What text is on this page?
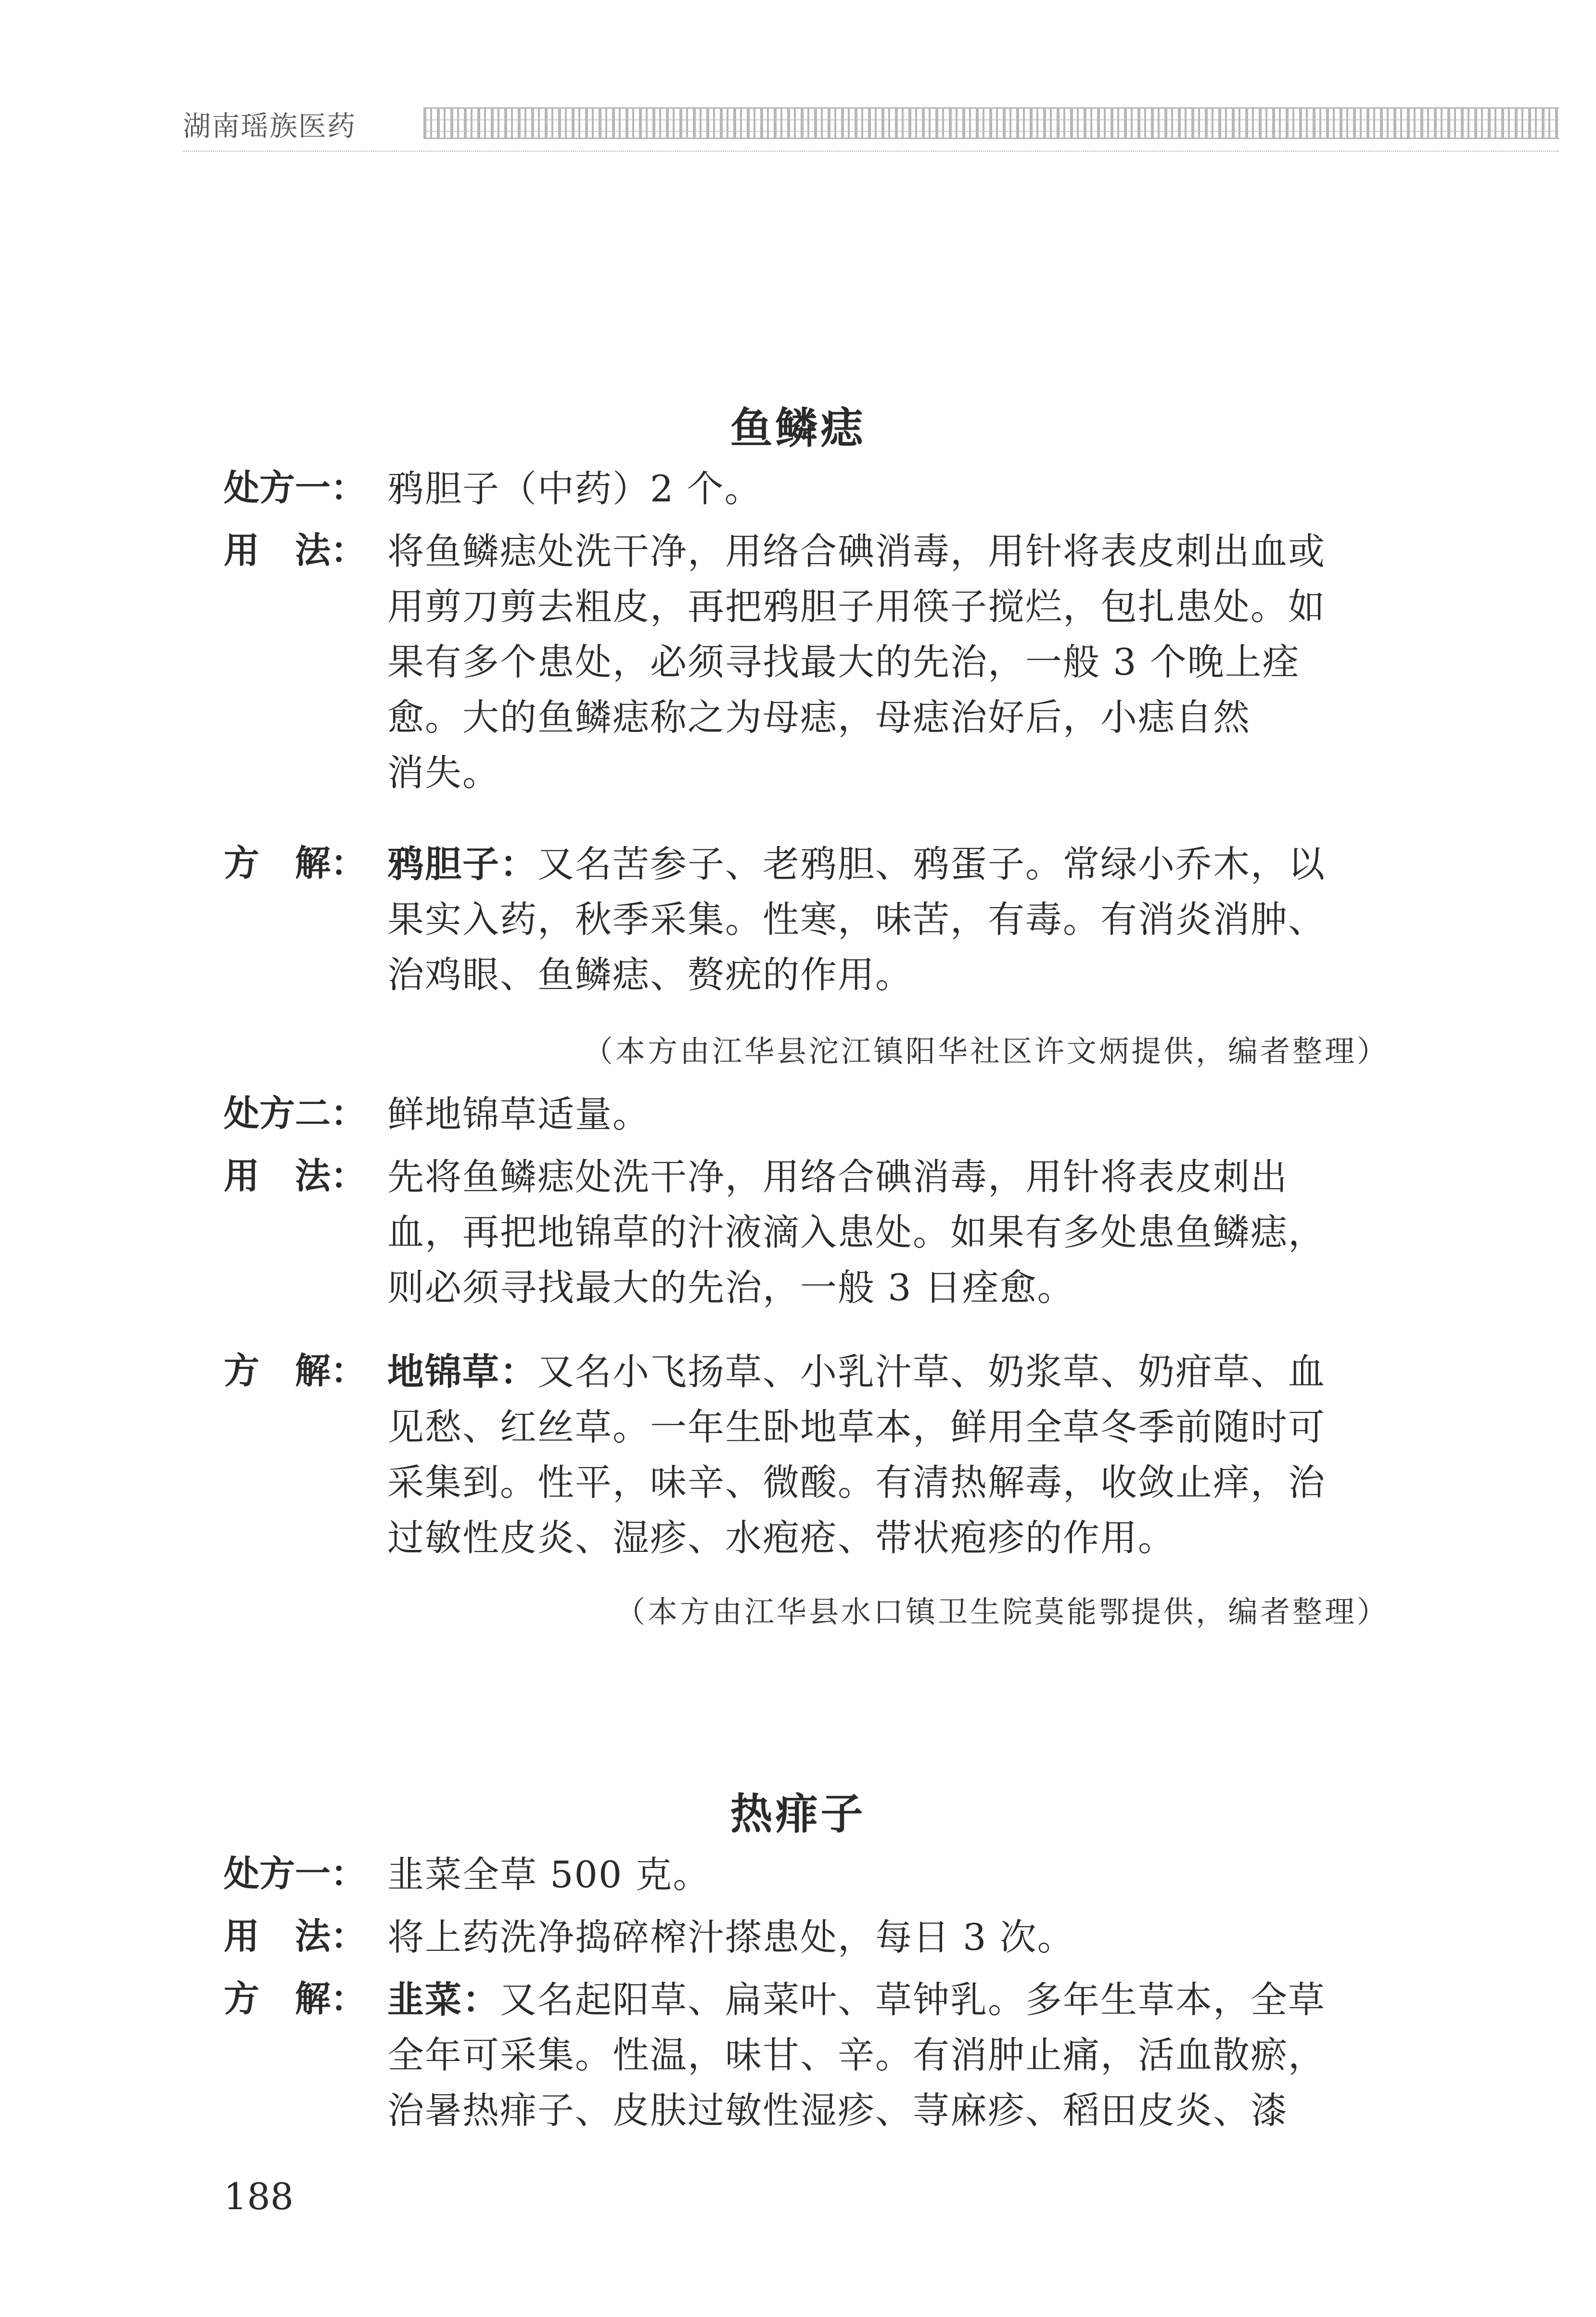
湖南瑶族医药
鱼鳞痣
处方一： 鸦胆子（中药）2 个。
用　法： 将鱼鳞痣处洗干净，用络合碘消毒，用针将表皮刺出血或
用剪刀剪去粗皮，再把鸦胆子用筷子搅烂，包扎患处。如
果有多个患处，必须寻找最大的先治，一般 3 个晚上痊
愈。大的鱼鳞痣称之为母痣，母痣治好后，小痣自然
消失。
方　解： 鸦胆子：又名苦参子、老鸦胆、鸦蛋子。常绿小乔木，以
果实入药，秋季采集。性寒，味苦，有毒。有消炎消肿、
治鸡眼、鱼鳞痣、赘疣的作用。
（本方由江华县沱江镇阳华社区许文炳提供，编者整理）
处方二： 鲜地锦草适量。
用　法： 先将鱼鳞痣处洗干净，用络合碘消毒，用针将表皮刺出
血，再把地锦草的汁液滴入患处。如果有多处患鱼鳞痣，
则必须寻找最大的先治，一般 3 日痊愈。
方　解： 地锦草：又名小飞扬草、小乳汁草、奶浆草、奶疳草、血
见愁、红丝草。一年生卧地草本，鲜用全草冬季前随时可
采集到。性平，味辛、微酸。有清热解毒，收敛止痒，治
过敏性皮炎、湿疹、水疱疮、带状疱疹的作用。
（本方由江华县水口镇卫生院莫能鄂提供，编者整理）
热痱子
处方一： 韭菜全草 500 克。
用　法： 将上药洗净捣碎榨汁搽患处，每日 3 次。
方　解： 韭菜：又名起阳草、扁菜叶、草钟乳。多年生草本，全草
全年可采集。性温，味甘、辛。有消肿止痛，活血散瘀，
治暑热痱子、皮肤过敏性湿疹、荨麻疹、稻田皮炎、漆
188
